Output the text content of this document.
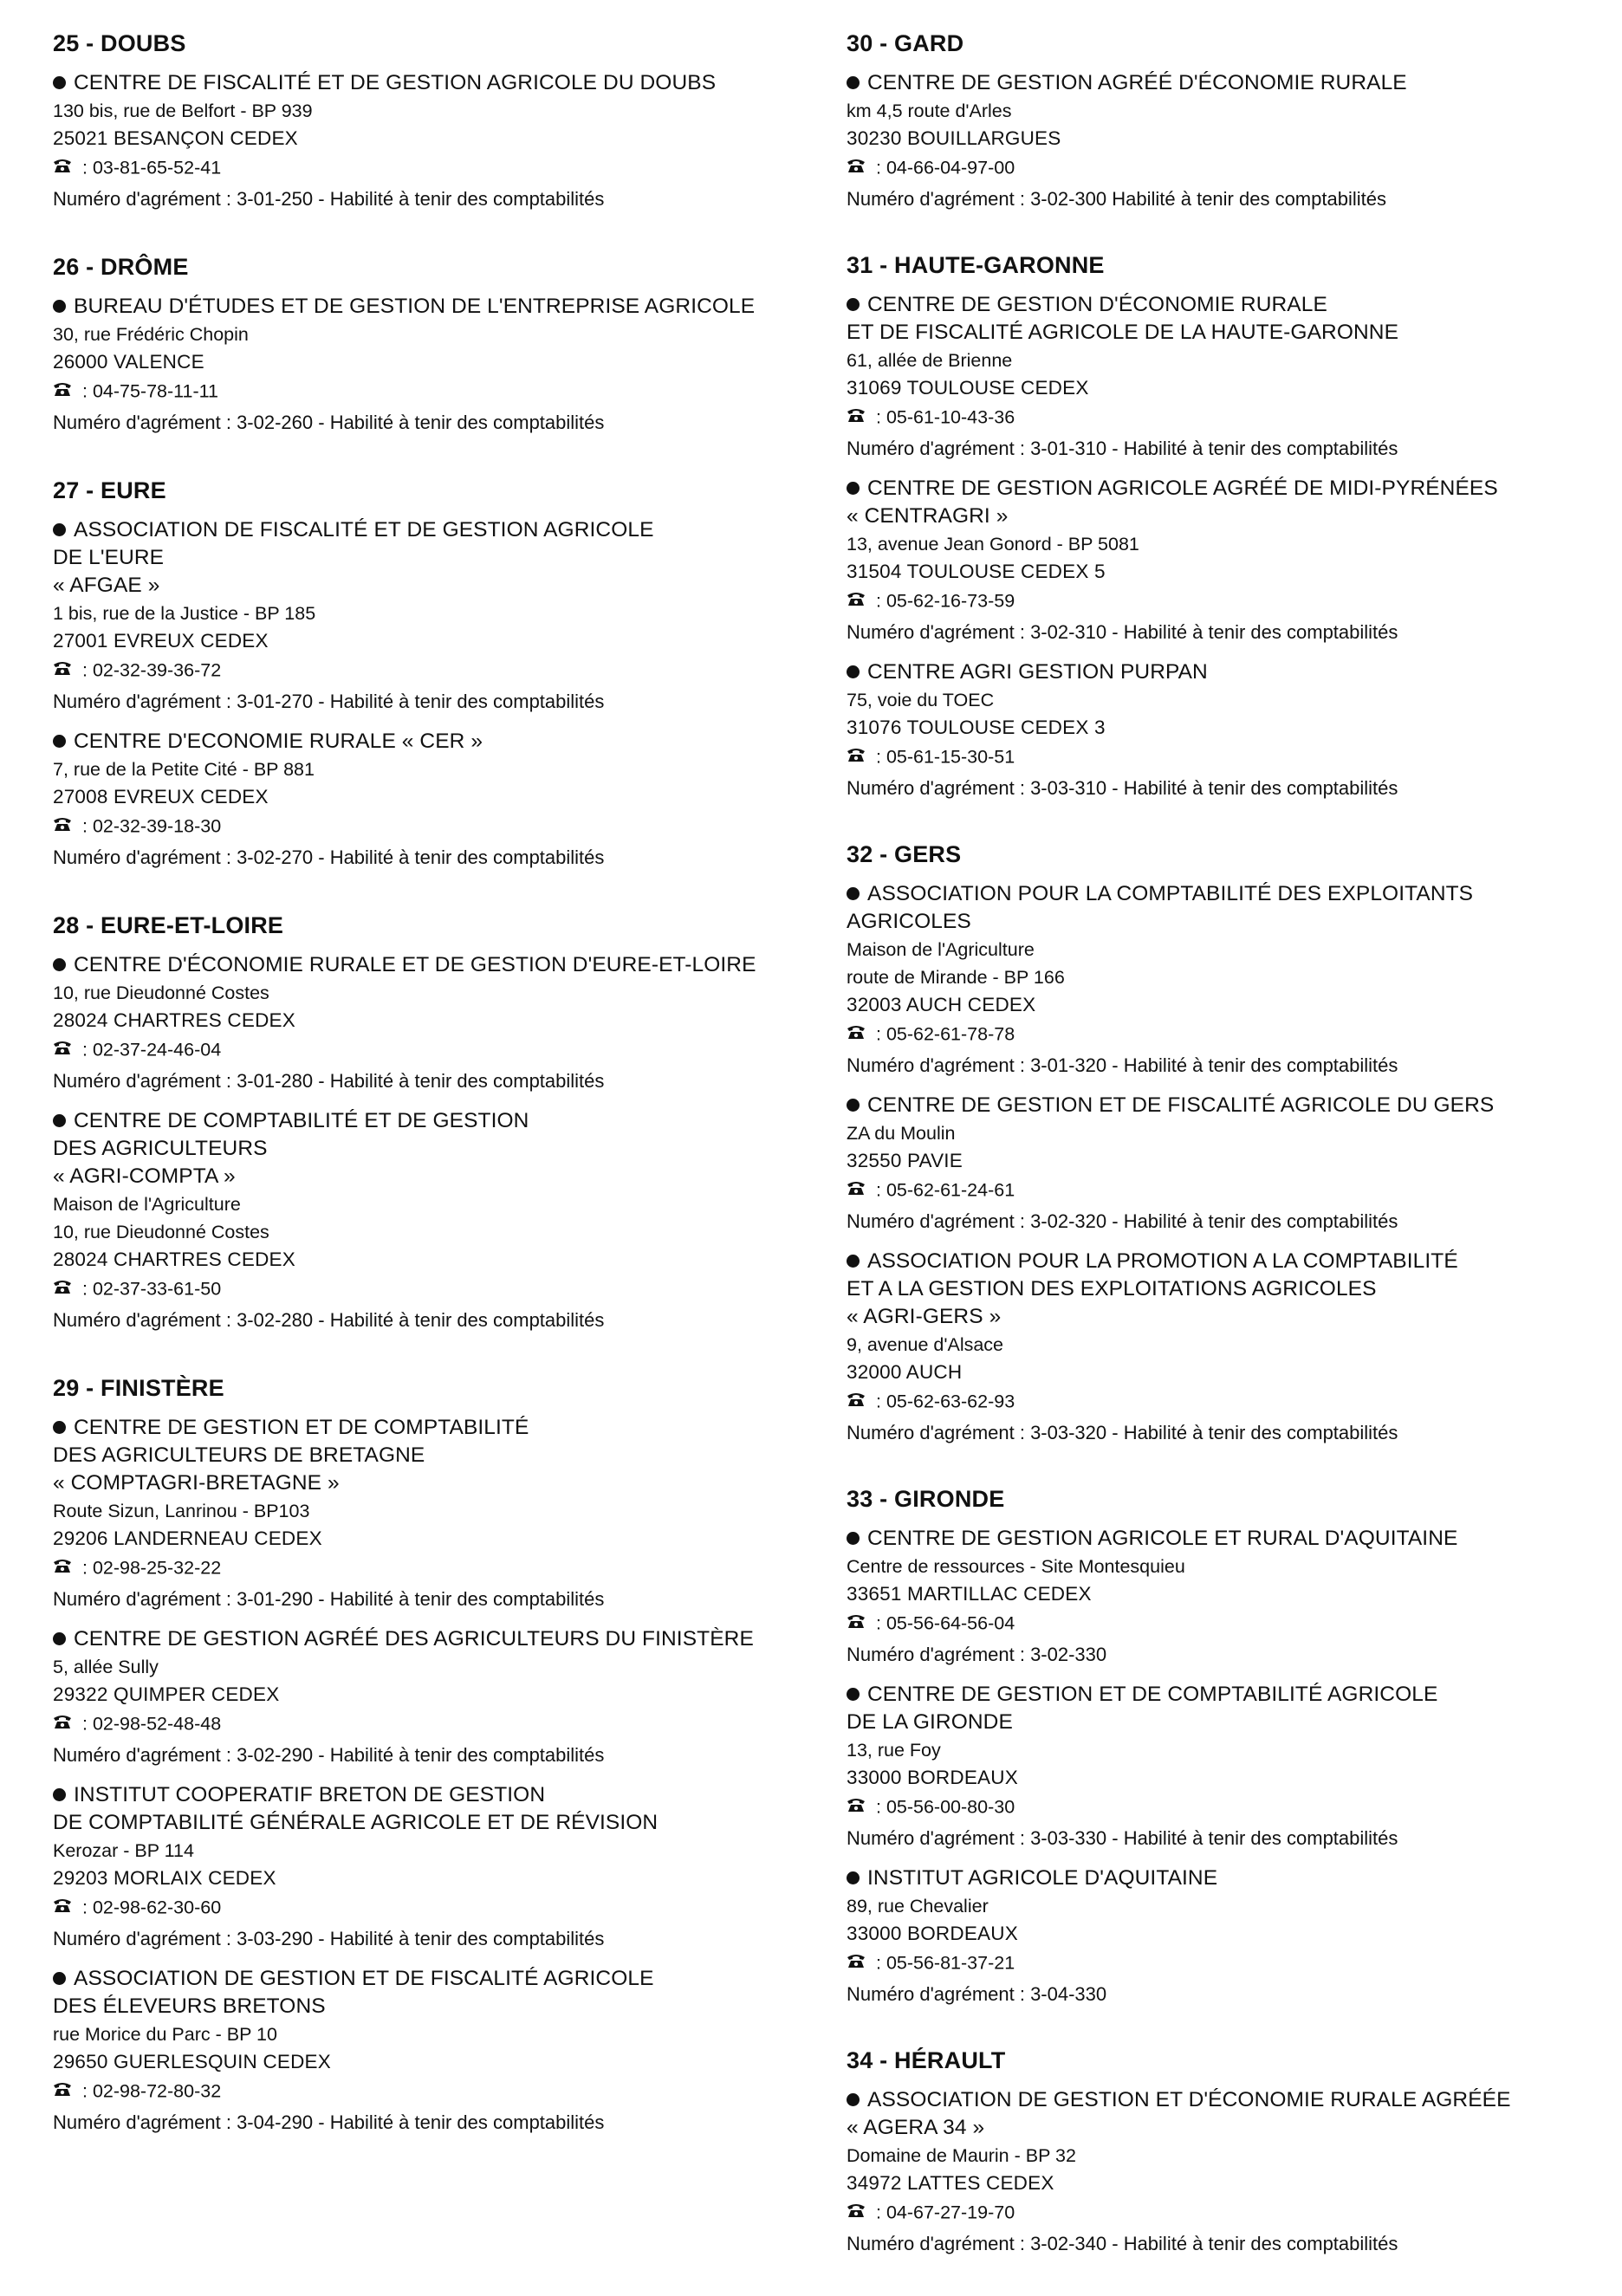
25 - DOUBS
CENTRE DE FISCALITÉ ET DE GESTION AGRICOLE DU DOUBS
130 bis, rue de Belfort - BP 939
25021 BESANÇON CEDEX
: 03-81-65-52-41
Numéro d'agrément : 3-01-250 - Habilité à tenir des comptabilités
26 - DRÔME
BUREAU D'ÉTUDES ET DE GESTION DE L'ENTREPRISE AGRICOLE
30, rue Frédéric Chopin
26000 VALENCE
: 04-75-78-11-11
Numéro d'agrément : 3-02-260 - Habilité à tenir des comptabilités
27 - EURE
ASSOCIATION DE FISCALITÉ ET DE GESTION AGRICOLE
DE L'EURE
« AFGAE »
1 bis, rue de la Justice - BP 185
27001 EVREUX CEDEX
: 02-32-39-36-72
Numéro d'agrément : 3-01-270 - Habilité à tenir des comptabilités
CENTRE D'ECONOMIE RURALE « CER »
7, rue de la Petite Cité - BP 881
27008 EVREUX CEDEX
: 02-32-39-18-30
Numéro d'agrément : 3-02-270 - Habilité à tenir des comptabilités
28 - EURE-ET-LOIRE
CENTRE D'ÉCONOMIE RURALE ET DE GESTION D'EURE-ET-LOIRE
10, rue Dieudonné Costes
28024 CHARTRES CEDEX
: 02-37-24-46-04
Numéro d'agrément : 3-01-280 - Habilité à tenir des comptabilités
CENTRE DE COMPTABILITÉ ET DE GESTION
DES AGRICULTEURS
« AGRI-COMPTA »
Maison de l'Agriculture
10, rue Dieudonné Costes
28024 CHARTRES CEDEX
: 02-37-33-61-50
Numéro d'agrément : 3-02-280 - Habilité à tenir des comptabilités
29 - FINISTÈRE
CENTRE DE GESTION ET DE COMPTABILITÉ
DES AGRICULTEURS DE BRETAGNE
« COMPTAGRI-BRETAGNE »
Route Sizun, Lanrinou - BP103
29206 LANDERNEAU CEDEX
: 02-98-25-32-22
Numéro d'agrément : 3-01-290 - Habilité à tenir des comptabilités
CENTRE DE GESTION AGRÉÉ DES AGRICULTEURS DU FINISTÈRE
5, allée Sully
29322 QUIMPER CEDEX
: 02-98-52-48-48
Numéro d'agrément : 3-02-290 - Habilité à tenir des comptabilités
INSTITUT COOPERATIF BRETON DE GESTION
DE COMPTABILITÉ GÉNÉRALE AGRICOLE ET DE RÉVISION
Kerozar - BP 114
29203 MORLAIX CEDEX
: 02-98-62-30-60
Numéro d'agrément : 3-03-290 - Habilité à tenir des comptabilités
ASSOCIATION DE GESTION ET DE FISCALITÉ AGRICOLE
DES ÉLEVEURS BRETONS
rue Morice du Parc - BP 10
29650 GUERLESQUIN CEDEX
: 02-98-72-80-32
Numéro d'agrément : 3-04-290 - Habilité à tenir des comptabilités
30 - GARD
CENTRE DE GESTION AGRÉÉ D'ÉCONOMIE RURALE
km 4,5 route d'Arles
30230 BOUILLARGUES
: 04-66-04-97-00
Numéro d'agrément : 3-02-300 Habilité à tenir des comptabilités
31 - HAUTE-GARONNE
CENTRE DE GESTION D'ÉCONOMIE RURALE
ET DE FISCALITÉ AGRICOLE DE LA HAUTE-GARONNE
61, allée de Brienne
31069 TOULOUSE CEDEX
: 05-61-10-43-36
Numéro d'agrément : 3-01-310 - Habilité à tenir des comptabilités
CENTRE DE GESTION AGRICOLE AGRÉÉ DE MIDI-PYRÉNÉES
« CENTRAGRI »
13, avenue Jean Gonord - BP 5081
31504 TOULOUSE CEDEX 5
: 05-62-16-73-59
Numéro d'agrément : 3-02-310 - Habilité à tenir des comptabilités
CENTRE AGRI GESTION PURPAN
75, voie du TOEC
31076 TOULOUSE CEDEX 3
: 05-61-15-30-51
Numéro d'agrément : 3-03-310 - Habilité à tenir des comptabilités
32 - GERS
ASSOCIATION POUR LA COMPTABILITÉ DES EXPLOITANTS
AGRICOLES
Maison de l'Agriculture
route de Mirande - BP 166
32003 AUCH CEDEX
: 05-62-61-78-78
Numéro d'agrément : 3-01-320 - Habilité à tenir des comptabilités
CENTRE DE GESTION ET DE FISCALITÉ AGRICOLE DU GERS
ZA du Moulin
32550 PAVIE
: 05-62-61-24-61
Numéro d'agrément : 3-02-320 - Habilité à tenir des comptabilités
ASSOCIATION POUR LA PROMOTION A LA COMPTABILITÉ
ET A LA GESTION DES EXPLOITATIONS AGRICOLES
« AGRI-GERS »
9, avenue d'Alsace
32000 AUCH
: 05-62-63-62-93
Numéro d'agrément : 3-03-320 - Habilité à tenir des comptabilités
33 - GIRONDE
CENTRE DE GESTION AGRICOLE ET RURAL D'AQUITAINE
Centre de ressources - Site Montesquieu
33651 MARTILLAC CEDEX
: 05-56-64-56-04
Numéro d'agrément : 3-02-330
CENTRE DE GESTION ET DE COMPTABILITÉ AGRICOLE
DE LA GIRONDE
13, rue Foy
33000 BORDEAUX
: 05-56-00-80-30
Numéro d'agrément : 3-03-330 - Habilité à tenir des comptabilités
INSTITUT AGRICOLE D'AQUITAINE
89, rue Chevalier
33000 BORDEAUX
: 05-56-81-37-21
Numéro d'agrément : 3-04-330
34 - HÉRAULT
ASSOCIATION DE GESTION ET D'ÉCONOMIE RURALE AGRÉÉE
« AGERA 34 »
Domaine de Maurin - BP 32
34972 LATTES CEDEX
: 04-67-27-19-70
Numéro d'agrément : 3-02-340 - Habilité à tenir des comptabilités
